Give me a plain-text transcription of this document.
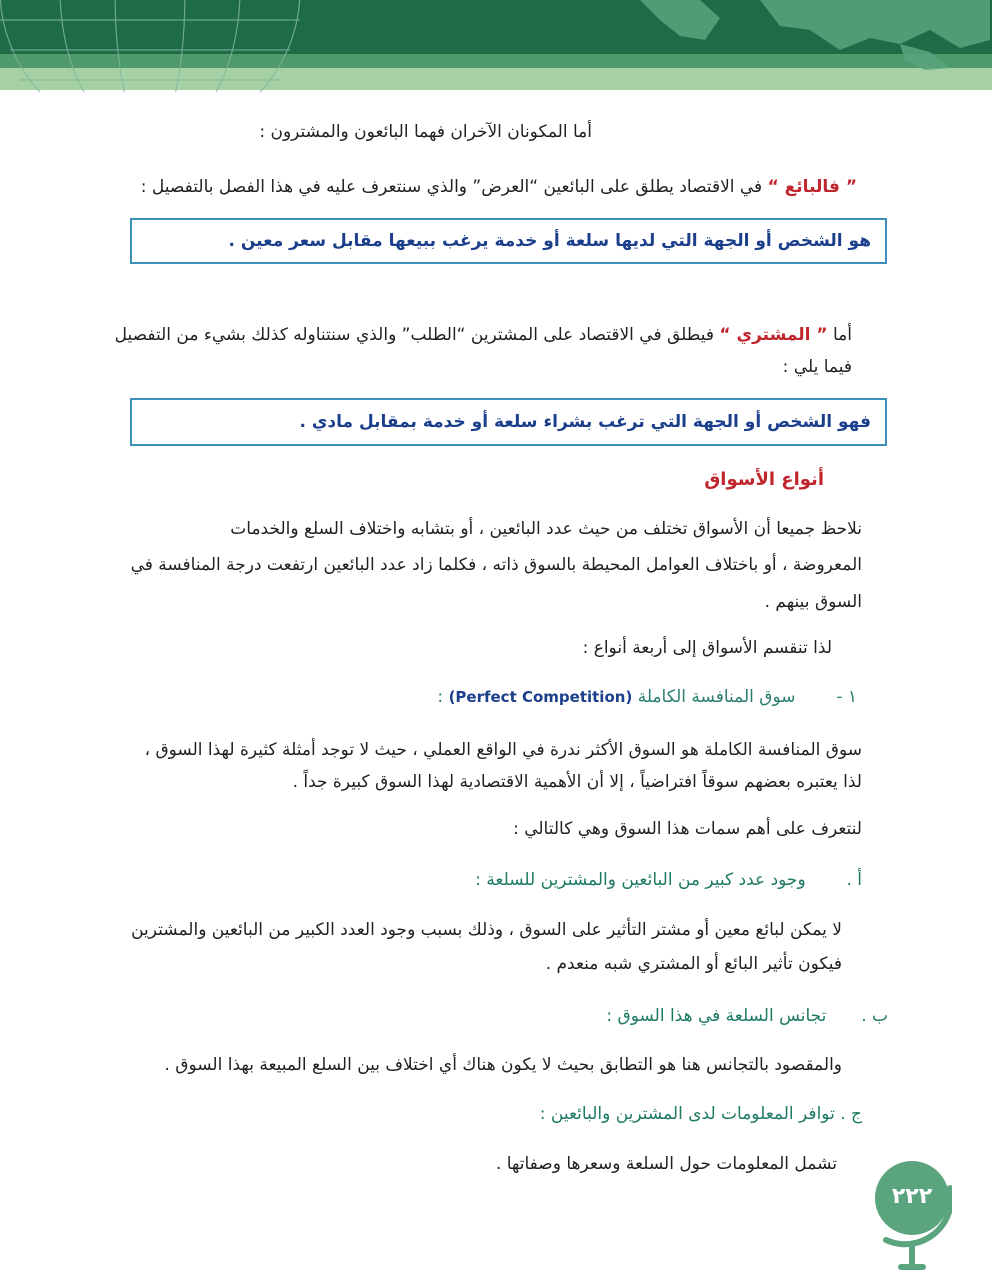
أما المكونان الآخران فهما البائعون والمشترون :
” فالبائع “ في الاقتصاد يطلق على البائعين “العرض” والذي سنتعرف عليه في هذا الفصل بالتفصيل :
هو الشخص أو الجهة التي لديها سلعة أو خدمة يرغب ببيعها مقابل سعر معين .
أما ” المشتري “ فيطلق في الاقتصاد على المشترين “الطلب” والذي سنتناوله كذلك بشيء من التفصيل
فيما يلي :
فهو الشخص أو الجهة التي ترغب بشراء سلعة أو خدمة بمقابل مادي .
أنواع الأسواق
نلاحظ جميعا أن الأسواق تختلف من حيث عدد البائعين ، أو بتشابه واختلاف السلع والخدمات
المعروضة ، أو باختلاف العوامل المحيطة بالسوق ذاته ، فكلما زاد عدد البائعين ارتفعت درجة المنافسة في
السوق بينهم .
لذا تنقسم الأسواق إلى أربعة أنواع :
١ -  سوق المنافسة الكاملة (Perfect Competition) :
سوق المنافسة الكاملة هو السوق الأكثر ندرة في الواقع العملي ، حيث لا توجد أمثلة كثيرة لهذا السوق ،
لذا يعتبره بعضهم سوقاً افتراضياً ، إلا أن الأهمية الاقتصادية لهذا السوق كبيرة جداً .
لنتعرف على أهم سمات هذا السوق وهي كالتالي :
أ .  وجود عدد كبير من البائعين والمشترين للسلعة :
لا يمكن لبائع معين أو مشتر التأثير على السوق ، وذلك بسبب وجود العدد الكبير من البائعين والمشترين
فيكون تأثير البائع أو المشتري شبه منعدم .
ب .  تجانس السلعة في هذا السوق :
والمقصود بالتجانس هنا هو التطابق بحيث لا يكون هناك أي اختلاف بين السلع المبيعة بهذا السوق .
ج . توافر المعلومات لدى المشترين والبائعين :
تشمل المعلومات حول السلعة وسعرها وصفاتها .
٢٢٢
